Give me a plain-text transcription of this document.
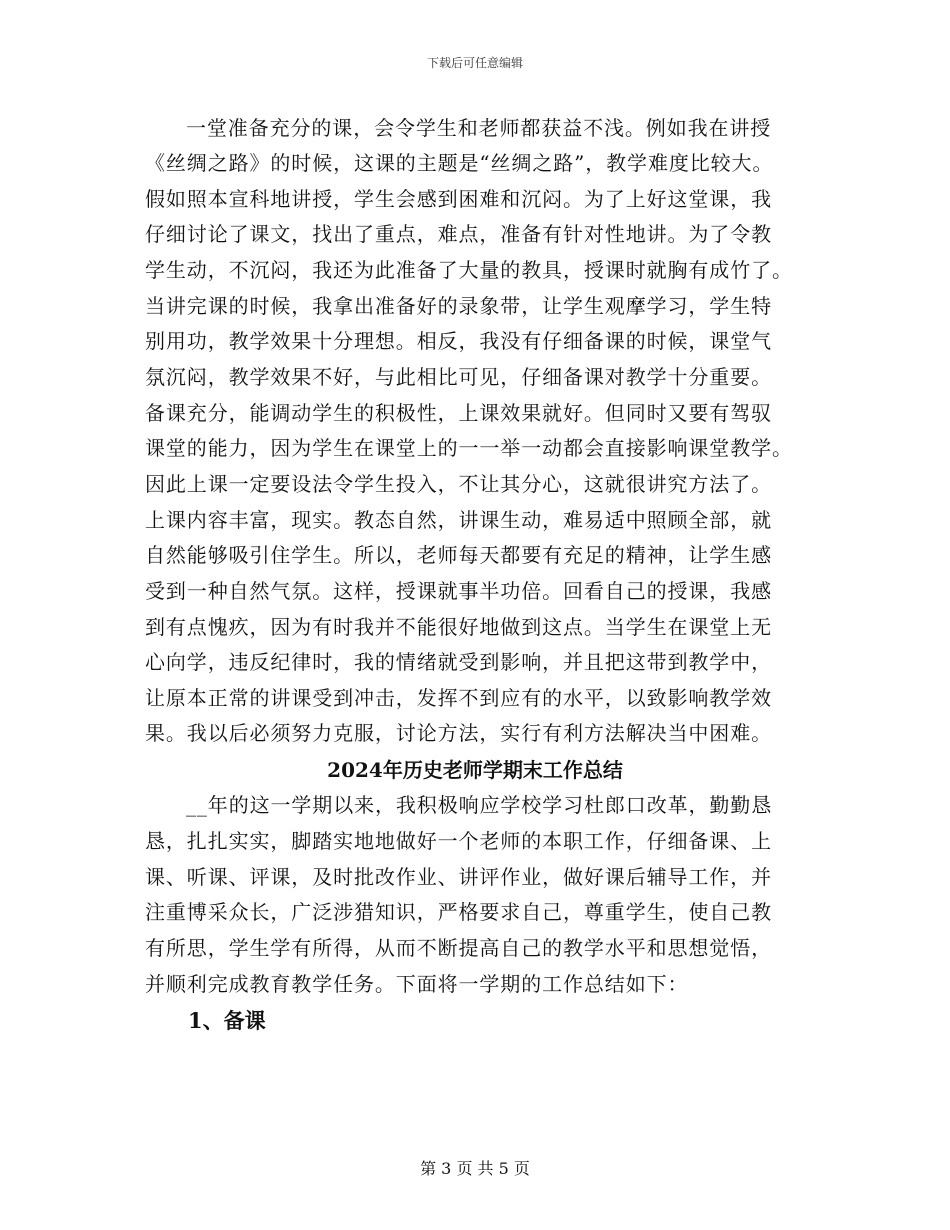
下载后可任意编辑
一堂准备充分的课，会令学生和老师都获益不浅。例如我在讲授
《丝绸之路》的时候，这课的主题是“丝绸之路”，教学难度比较大。
假如照本宣科地讲授，学生会感到困难和沉闷。为了上好这堂课，我
仔细讨论了课文，找出了重点，难点，准备有针对性地讲。为了令教
学生动，不沉闷，我还为此准备了大量的教具，授课时就胸有成竹了。
当讲完课的时候，我拿出准备好的录象带，让学生观摩学习，学生特
别用功，教学效果十分理想。相反，我没有仔细备课的时候，课堂气
氛沉闷，教学效果不好，与此相比可见，仔细备课对教学十分重要。
备课充分，能调动学生的积极性，上课效果就好。但同时又要有驾驭
课堂的能力，因为学生在课堂上的一一举一动都会直接影响课堂教学。
因此上课一定要设法令学生投入，不让其分心，这就很讲究方法了。
上课内容丰富，现实。教态自然，讲课生动，难易适中照顾全部，就
自然能够吸引住学生。所以，老师每天都要有充足的精神，让学生感
受到一种自然气氛。这样，授课就事半功倍。回看自己的授课，我感
到有点愧疚，因为有时我并不能很好地做到这点。当学生在课堂上无
心向学，违反纪律时，我的情绪就受到影响，并且把这带到教学中，
让原本正常的讲课受到冲击，发挥不到应有的水平，以致影响教学效
果。我以后必须努力克服，讨论方法，实行有利方法解决当中困难。
2024年历史老师学期末工作总结
__年的这一学期以来，我积极响应学校学习杜郎口改革，勤勤恳
恳，扎扎实实，脚踏实地地做好一个老师的本职工作，仔细备课、上
课、听课、评课，及时批改作业、讲评作业，做好课后辅导工作，并
注重博采众长，广泛涉猎知识，严格要求自己，尊重学生，使自己教
有所思，学生学有所得，从而不断提高自己的教学水平和思想觉悟，
并顺利完成教育教学任务。下面将一学期的工作总结如下：
1、备课
第 3 页 共 5 页
